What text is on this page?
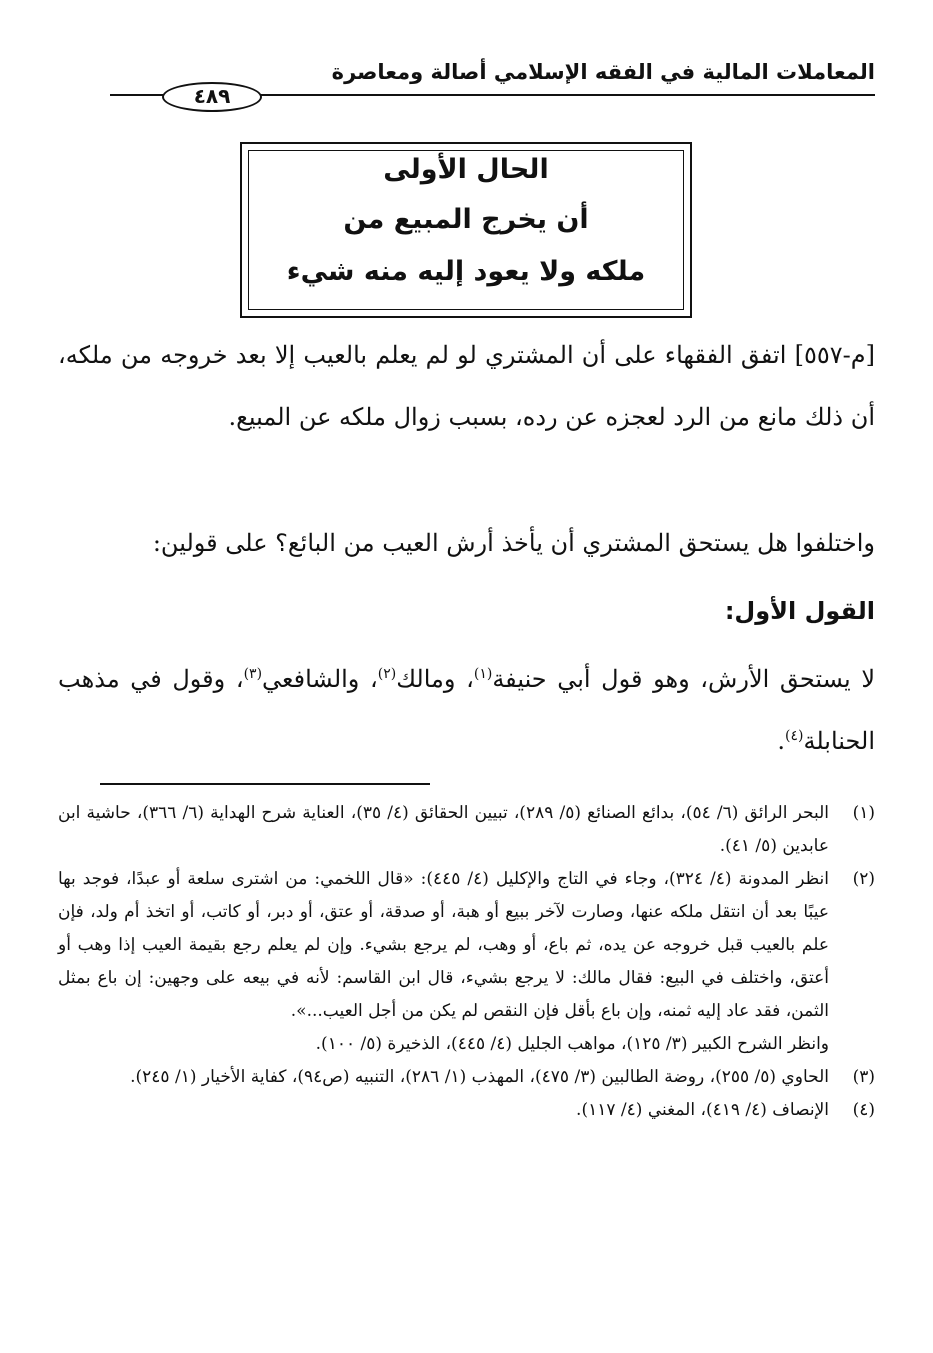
المعاملات المالية في الفقه الإسلامي أصالة ومعاصرة
٤٨٩
الحال الأولى
أن يخرج المبيع من
ملكه ولا يعود إليه منه شيء
[م-٥٥٧] اتفق الفقهاء على أن المشتري لو لم يعلم بالعيب إلا بعد خروجه من ملكه، أن ذلك مانع من الرد لعجزه عن رده، بسبب زوال ملكه عن المبيع.
واختلفوا هل يستحق المشتري أن يأخذ أرش العيب من البائع؟ على قولين:
القول الأول:
لا يستحق الأرش، وهو قول أبي حنيفة$^{(١)}$، ومالك$^{(٢)}$، والشافعي$^{(٣)}$، وقول في مذهب الحنابلة$^{(٤)}$.
(١)
البحر الرائق (٦/ ٥٤)، بدائع الصنائع (٥/ ٢٨٩)، تبيين الحقائق (٤/ ٣٥)، العناية شرح الهداية (٦/ ٣٦٦)، حاشية ابن عابدين (٥/ ٤١).
(٢)
انظر المدونة (٤/ ٣٢٤)، وجاء في التاج والإكليل (٤/ ٤٤٥): «قال اللخمي: من اشترى سلعة أو عبدًا، فوجد بها عيبًا بعد أن انتقل ملكه عنها، وصارت لآخر ببيع أو هبة، أو صدقة، أو عتق، أو دبر، أو كاتب، أو اتخذ أم ولد، فإن علم بالعيب قبل خروجه عن يده، ثم باع، أو وهب، لم يرجع بشيء. وإن لم يعلم رجع بقيمة العيب إذا وهب أو أعتق، واختلف في البيع: فقال مالك: لا يرجع بشيء، قال ابن القاسم: لأنه في بيعه على وجهين: إن باع بمثل الثمن، فقد عاد إليه ثمنه، وإن باع بأقل فإن النقص لم يكن من أجل العيب...».
وانظر الشرح الكبير (٣/ ١٢٥)، مواهب الجليل (٤/ ٤٤٥)، الذخيرة (٥/ ١٠٠).
(٣)
الحاوي (٥/ ٢٥٥)، روضة الطالبين (٣/ ٤٧٥)، المهذب (١/ ٢٨٦)، التنبيه (ص٩٤)، كفاية الأخيار (١/ ٢٤٥).
(٤)
الإنصاف (٤/ ٤١٩)، المغني (٤/ ١١٧).
